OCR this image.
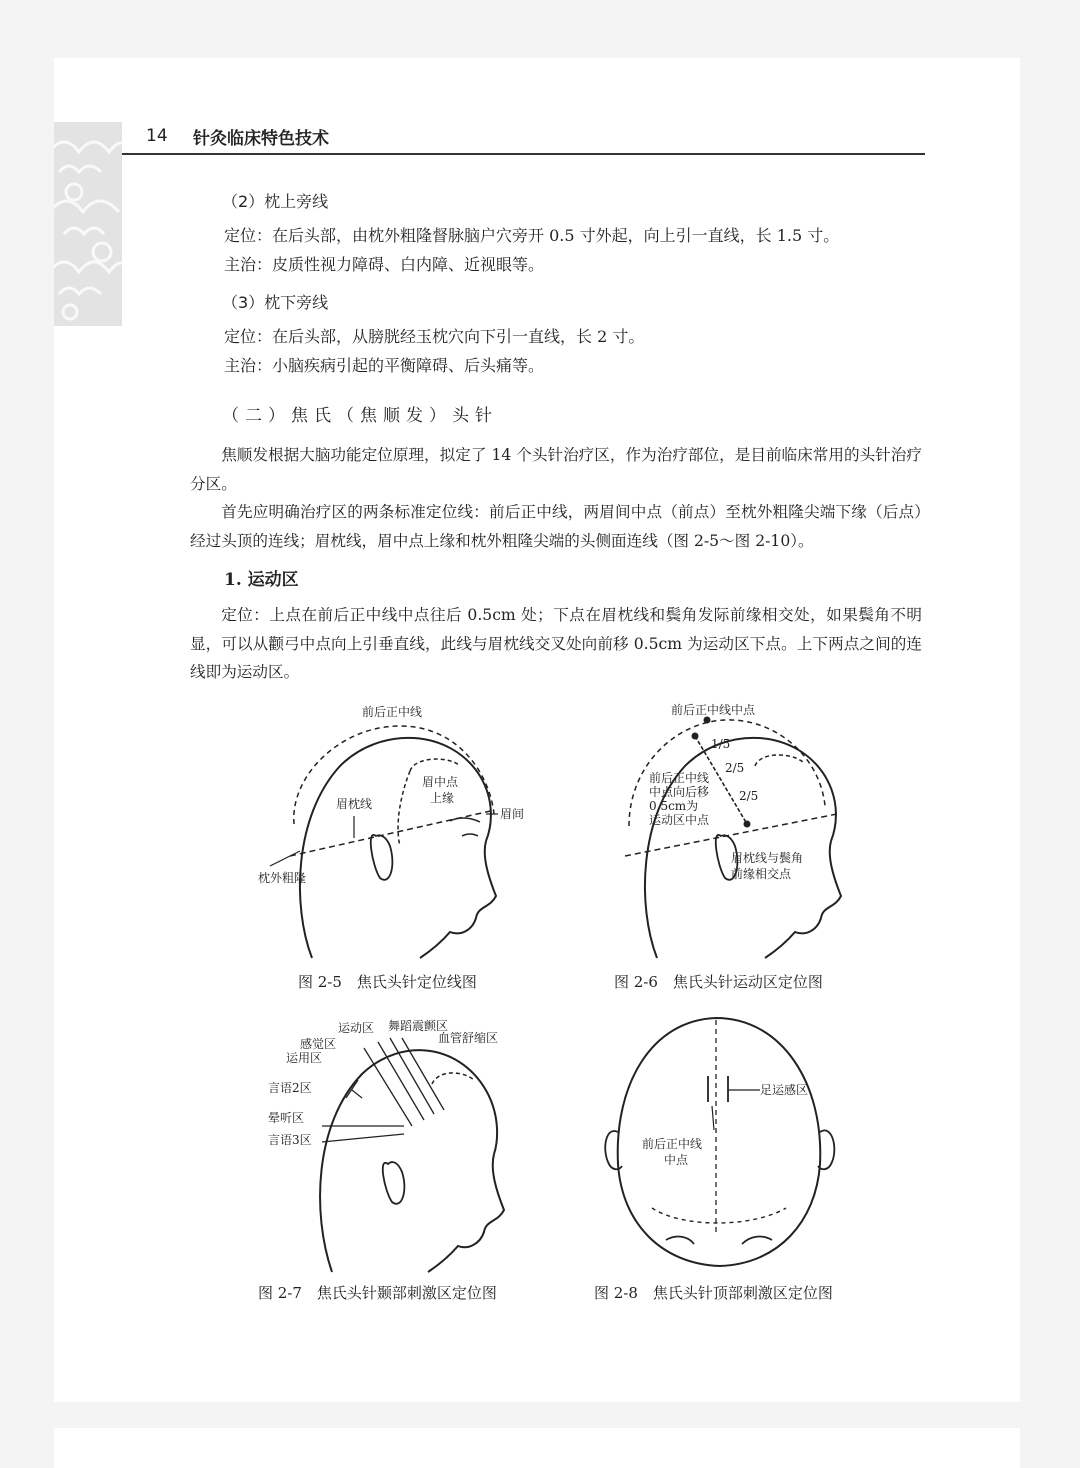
14 针灸临床特色技术
（2）枕上旁线
定位：在后头部，由枕外粗隆督脉脑户穴旁开 0.5 寸外起，向上引一直线，长 1.5 寸。
主治：皮质性视力障碍、白内障、近视眼等。
（3）枕下旁线
定位：在后头部，从膀胱经玉枕穴向下引一直线，长 2 寸。
主治：小脑疾病引起的平衡障碍、后头痛等。
（二）焦氏（焦顺发）头针

焦顺发根据大脑功能定位原理，拟定了 14 个头针治疗区，作为治疗部位，是目前临床常用的头针治疗分区。

首先应明确治疗区的两条标准定位线：前后正中线，两眉间中点（前点）至枕外粗隆尖端下缘（后点）经过头顶的连线；眉枕线，眉中点上缘和枕外粗隆尖端的头侧面连线（图 2-5～图 2-10）。

1. 运动区

定位：上点在前后正中线中点往后 0.5cm 处；下点在眉枕线和鬓角发际前缘相交处，如果鬓角不明显，可以从颧弓中点向上引垂直线，此线与眉枕线交叉处向前移 0.5cm 为运动区下点。上下两点之间的连线即为运动区。

前后正中线
眉中点
上缘
眉枕线
眉间
枕外粗隆
图 2-5　焦氏头针定位线图
前后正中线中点
1/5
2/5
2/5
前后正中线
中点向后移
0.5cm为
运动区中点
眉枕线与鬓角
前缘相交点
图 2-6　焦氏头针运动区定位图
运动区
感觉区
运用区
言语2区
晕听区
言语3区
舞蹈震颤区
血管舒缩区
图 2-7　焦氏头针颞部刺激区定位图
足运感区
前后正中线
中点
图 2-8　焦氏头针顶部刺激区定位图
